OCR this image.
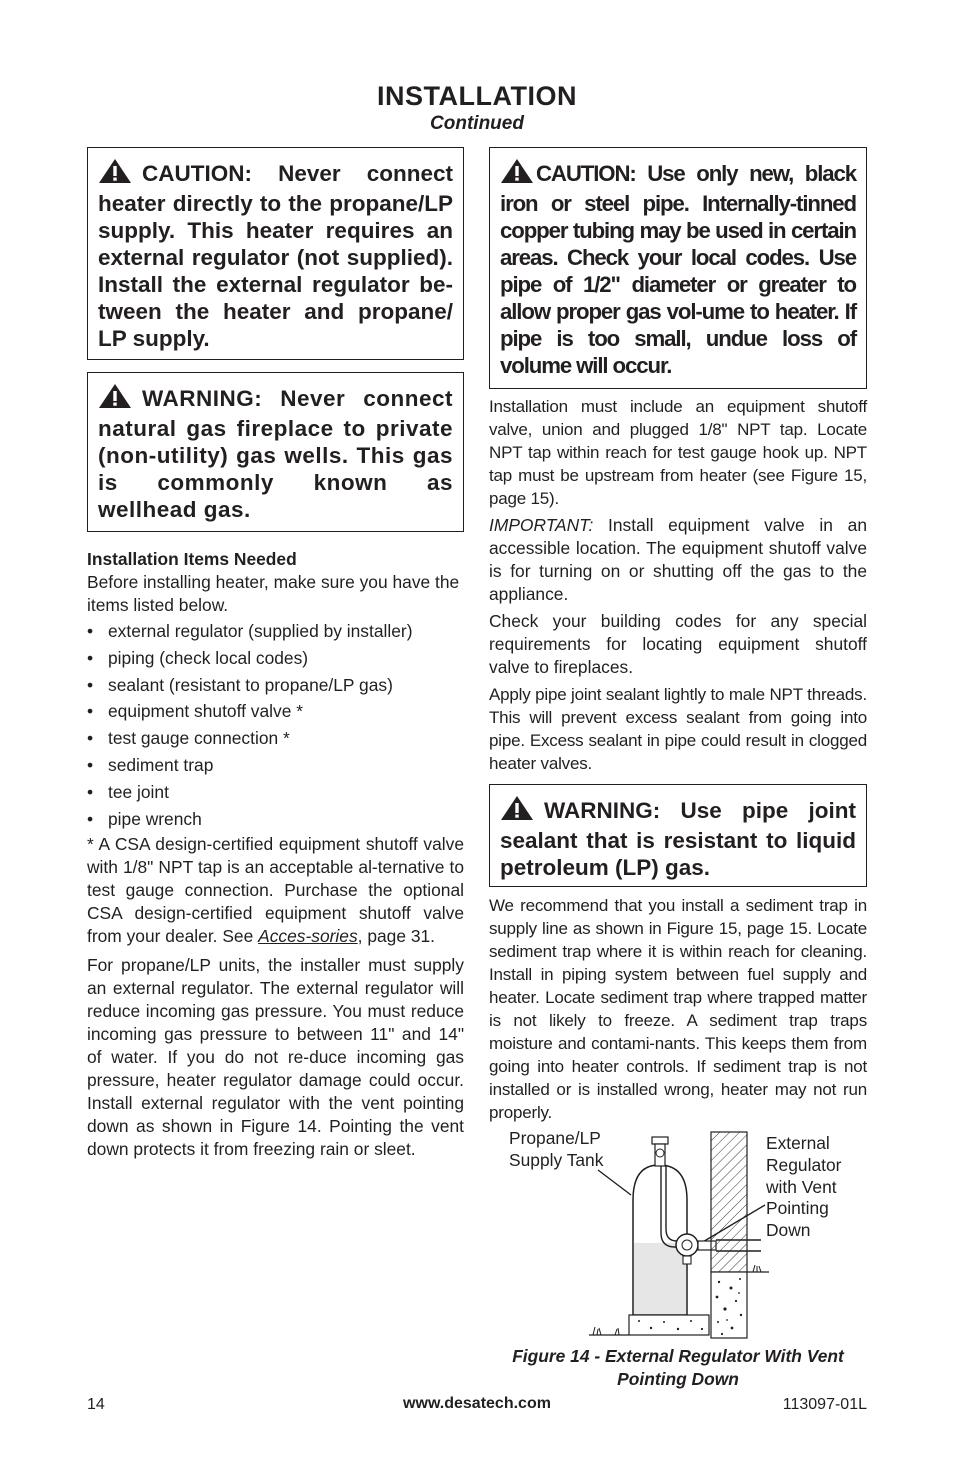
INSTALLATION
Continued
CAUTION: Never connect heater directly to the propane/LP supply. This heater requires an external regulator (not supplied). Install the external regulator be-tween the heater and propane/ LP supply.
WARNING: Never connect natural gas fireplace to private (non-utility) gas wells. This gas is commonly known as wellhead gas.

Installation Items Needed

Before installing heater, make sure you have the items listed below.

• external regulator (supplied by installer)
• piping (check local codes)
• sealant (resistant to propane/LP gas)
• equipment shutoff valve *
• test gauge connection *
• sediment trap
• tee joint
• pipe wrench

* A CSA design-certified equipment shutoff valve with 1/8" NPT tap is an acceptable al-ternative to test gauge connection. Purchase the optional CSA design-certified equipment shutoff valve from your dealer. See Acces-sories, page 31.

For propane/LP units, the installer must supply an external regulator. The external regulator will reduce incoming gas pressure. You must reduce incoming gas pressure to between 11" and 14" of water. If you do not re-duce incoming gas pressure, heater regulator damage could occur. Install external regulator with the vent pointing down as shown in Figure 14. Pointing the vent down protects it from freezing rain or sleet.

CAUTION: Use only new, black iron or steel pipe. Internally-tinned copper tubing may be used in certain areas. Check your local codes. Use pipe of 1/2" diameter or greater to allow proper gas vol-ume to heater. If pipe is too small, undue loss of volume will occur.

Installation must include an equipment shutoff valve, union and plugged 1/8" NPT tap. Locate NPT tap within reach for test gauge hook up. NPT tap must be upstream from heater (see Figure 15, page 15).

IMPORTANT: Install equipment valve in an accessible location. The equipment shutoff valve is for turning on or shutting off the gas to the appliance.

Check your building codes for any special requirements for locating equipment shutoff valve to fireplaces.

Apply pipe joint sealant lightly to male NPT threads. This will prevent excess sealant from going into pipe. Excess sealant in pipe could result in clogged heater valves.

WARNING: Use pipe joint sealant that is resistant to liquid petroleum (LP) gas.

We recommend that you install a sediment trap in supply line as shown in Figure 15, page 15. Locate sediment trap where it is within reach for cleaning. Install in piping system between fuel supply and heater. Locate sediment trap where trapped matter is not likely to freeze. A sediment trap traps moisture and contami-nants. This keeps them from going into heater controls. If sediment trap is not installed or is installed wrong, heater may not run properly.

Propane/LP Supply Tank
External Regulator with Vent Pointing Down
Figure 14 - External Regulator With Vent Pointing Down
14	www.desatech.com	113097-01L
